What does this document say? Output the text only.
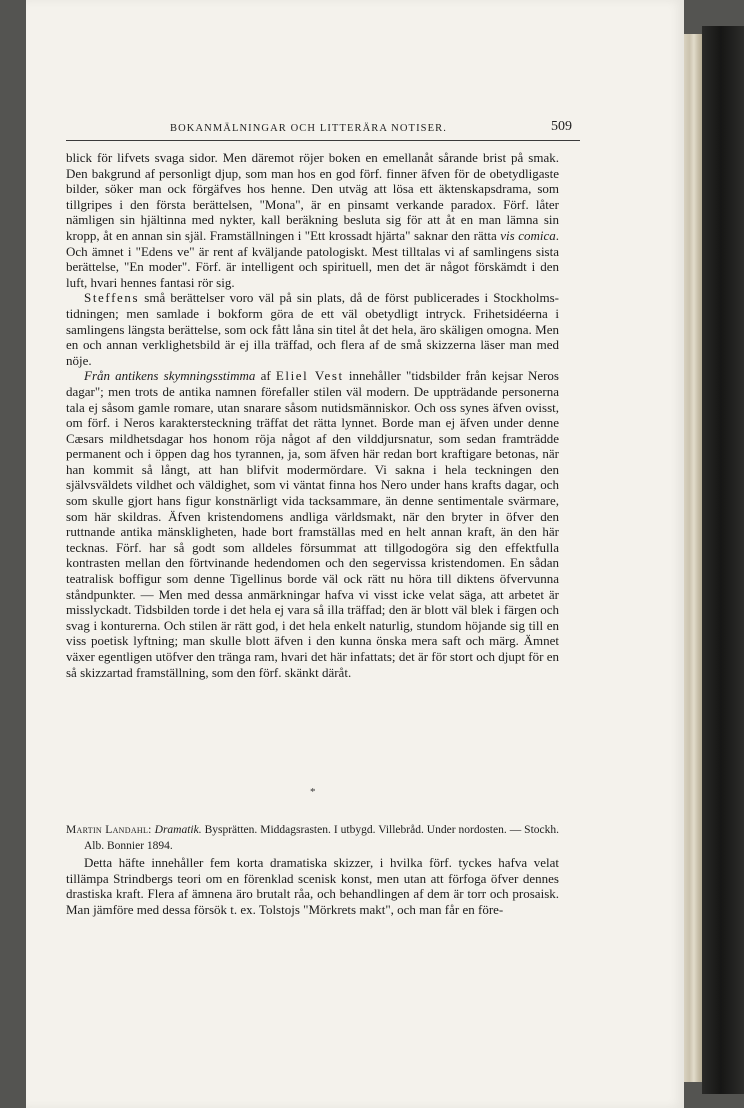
BOKANMÄLNINGAR OCH LITTERÄRA NOTISER.	509

blick för lifvets svaga sidor. Men däremot röjer boken en emellanåt sårande brist på smak. Den bakgrund af personligt djup, som man hos en god förf. finner äfven för de obetydligaste bilder, söker man ock förgäfves hos henne. Den utväg att lösa ett äktenskapsdrama, som tillgripes i den första berättelsen, "Mona", är en pinsamt verkande paradox. Förf. låter nämligen sin hjältinna med nykter, kall beräkning besluta sig för att åt en man lämna sin kropp, åt en annan sin själ. Framställningen i "Ett krossadt hjärta" saknar den rätta vis comica. Och ämnet i "Edens ve" är rent af kväljande patologiskt. Mest tilltalas vi af samlingens sista berättelse, "En moder". Förf. är intelligent och spirituell, men det är något förskämdt i den luft, hvari hennes fantasi rör sig.

Steffens små berättelser voro väl på sin plats, då de först publicerades i Stockholms-tidningen; men samlade i bokform göra de ett väl obetydligt intryck. Frihetsidéerna i samlingens längsta berättelse, som ock fått låna sin titel åt det hela, äro skäligen omogna. Men en och annan verklighetsbild är ej illa träffad, och flera af de små skizzerna läser man med nöje.

Från antikens skymningsstimma af Eliel Vest innehåller "tidsbilder från kejsar Neros dagar"; men trots de antika namnen förefaller stilen väl modern. De uppträdande personerna tala ej såsom gamle romare, utan snarare såsom nutidsmänniskor. Och oss synes äfven ovisst, om förf. i Neros karaktersteckning träffat det rätta lynnet. Borde man ej äfven under denne Cæsars mildhetsdagar hos honom röja något af den vilddjursnatur, som sedan framträdde permanent och i öppen dag hos tyrannen, ja, som äfven här redan bort kraftigare betonas, när han kommit så långt, att han blifvit modermördare. Vi sakna i hela teckningen den självsväldets vildhet och väldighet, som vi väntat finna hos Nero under hans krafts dagar, och som skulle gjort hans figur konstnärligt vida tacksammare, än denne sentimentale svärmare, som här skildras. Äfven kristendomens andliga världsmakt, när den bryter in öfver den ruttnande antika mänskligheten, hade bort framställas med en helt annan kraft, än den här tecknas. Förf. har så godt som alldeles försummat att tillgodogöra sig den effektfulla kontrasten mellan den förtvinande hedendomen och den segervissa kristendomen. En sådan teatralisk boffigur som denne Tigellinus borde väl ock rätt nu höra till diktens öfvervunna ståndpunkter. — Men med dessa anmärkningar hafva vi visst icke velat säga, att arbetet är misslyckadt. Tidsbilden torde i det hela ej vara så illa träffad; den är blott väl blek i färgen och svag i konturerna. Och stilen är rätt god, i det hela enkelt naturlig, stundom höjande sig till en viss poetisk lyftning; man skulle blott äfven i den kunna önska mera saft och märg. Ämnet växer egentligen utöfver den tränga ram, hvari det här infattats; det är för stort och djupt för en så skizzartad framställning, som den förf. skänkt däråt.

*

Martin Landahl: Dramatik. Bysprätten. Middagsrasten. I utbygd. Villebråd. Under nordosten. — Stockh. Alb. Bonnier 1894.

Detta häfte innehåller fem korta dramatiska skizzer, i hvilka förf. tyckes hafva velat tillämpa Strindbergs teori om en förenklad scenisk konst, men utan att förfoga öfver dennes drastiska kraft. Flera af ämnena äro brutalt råa, och behandlingen af dem är torr och prosaisk. Man jämföre med dessa försök t. ex. Tolstojs "Mörkrets makt", och man får en före-
